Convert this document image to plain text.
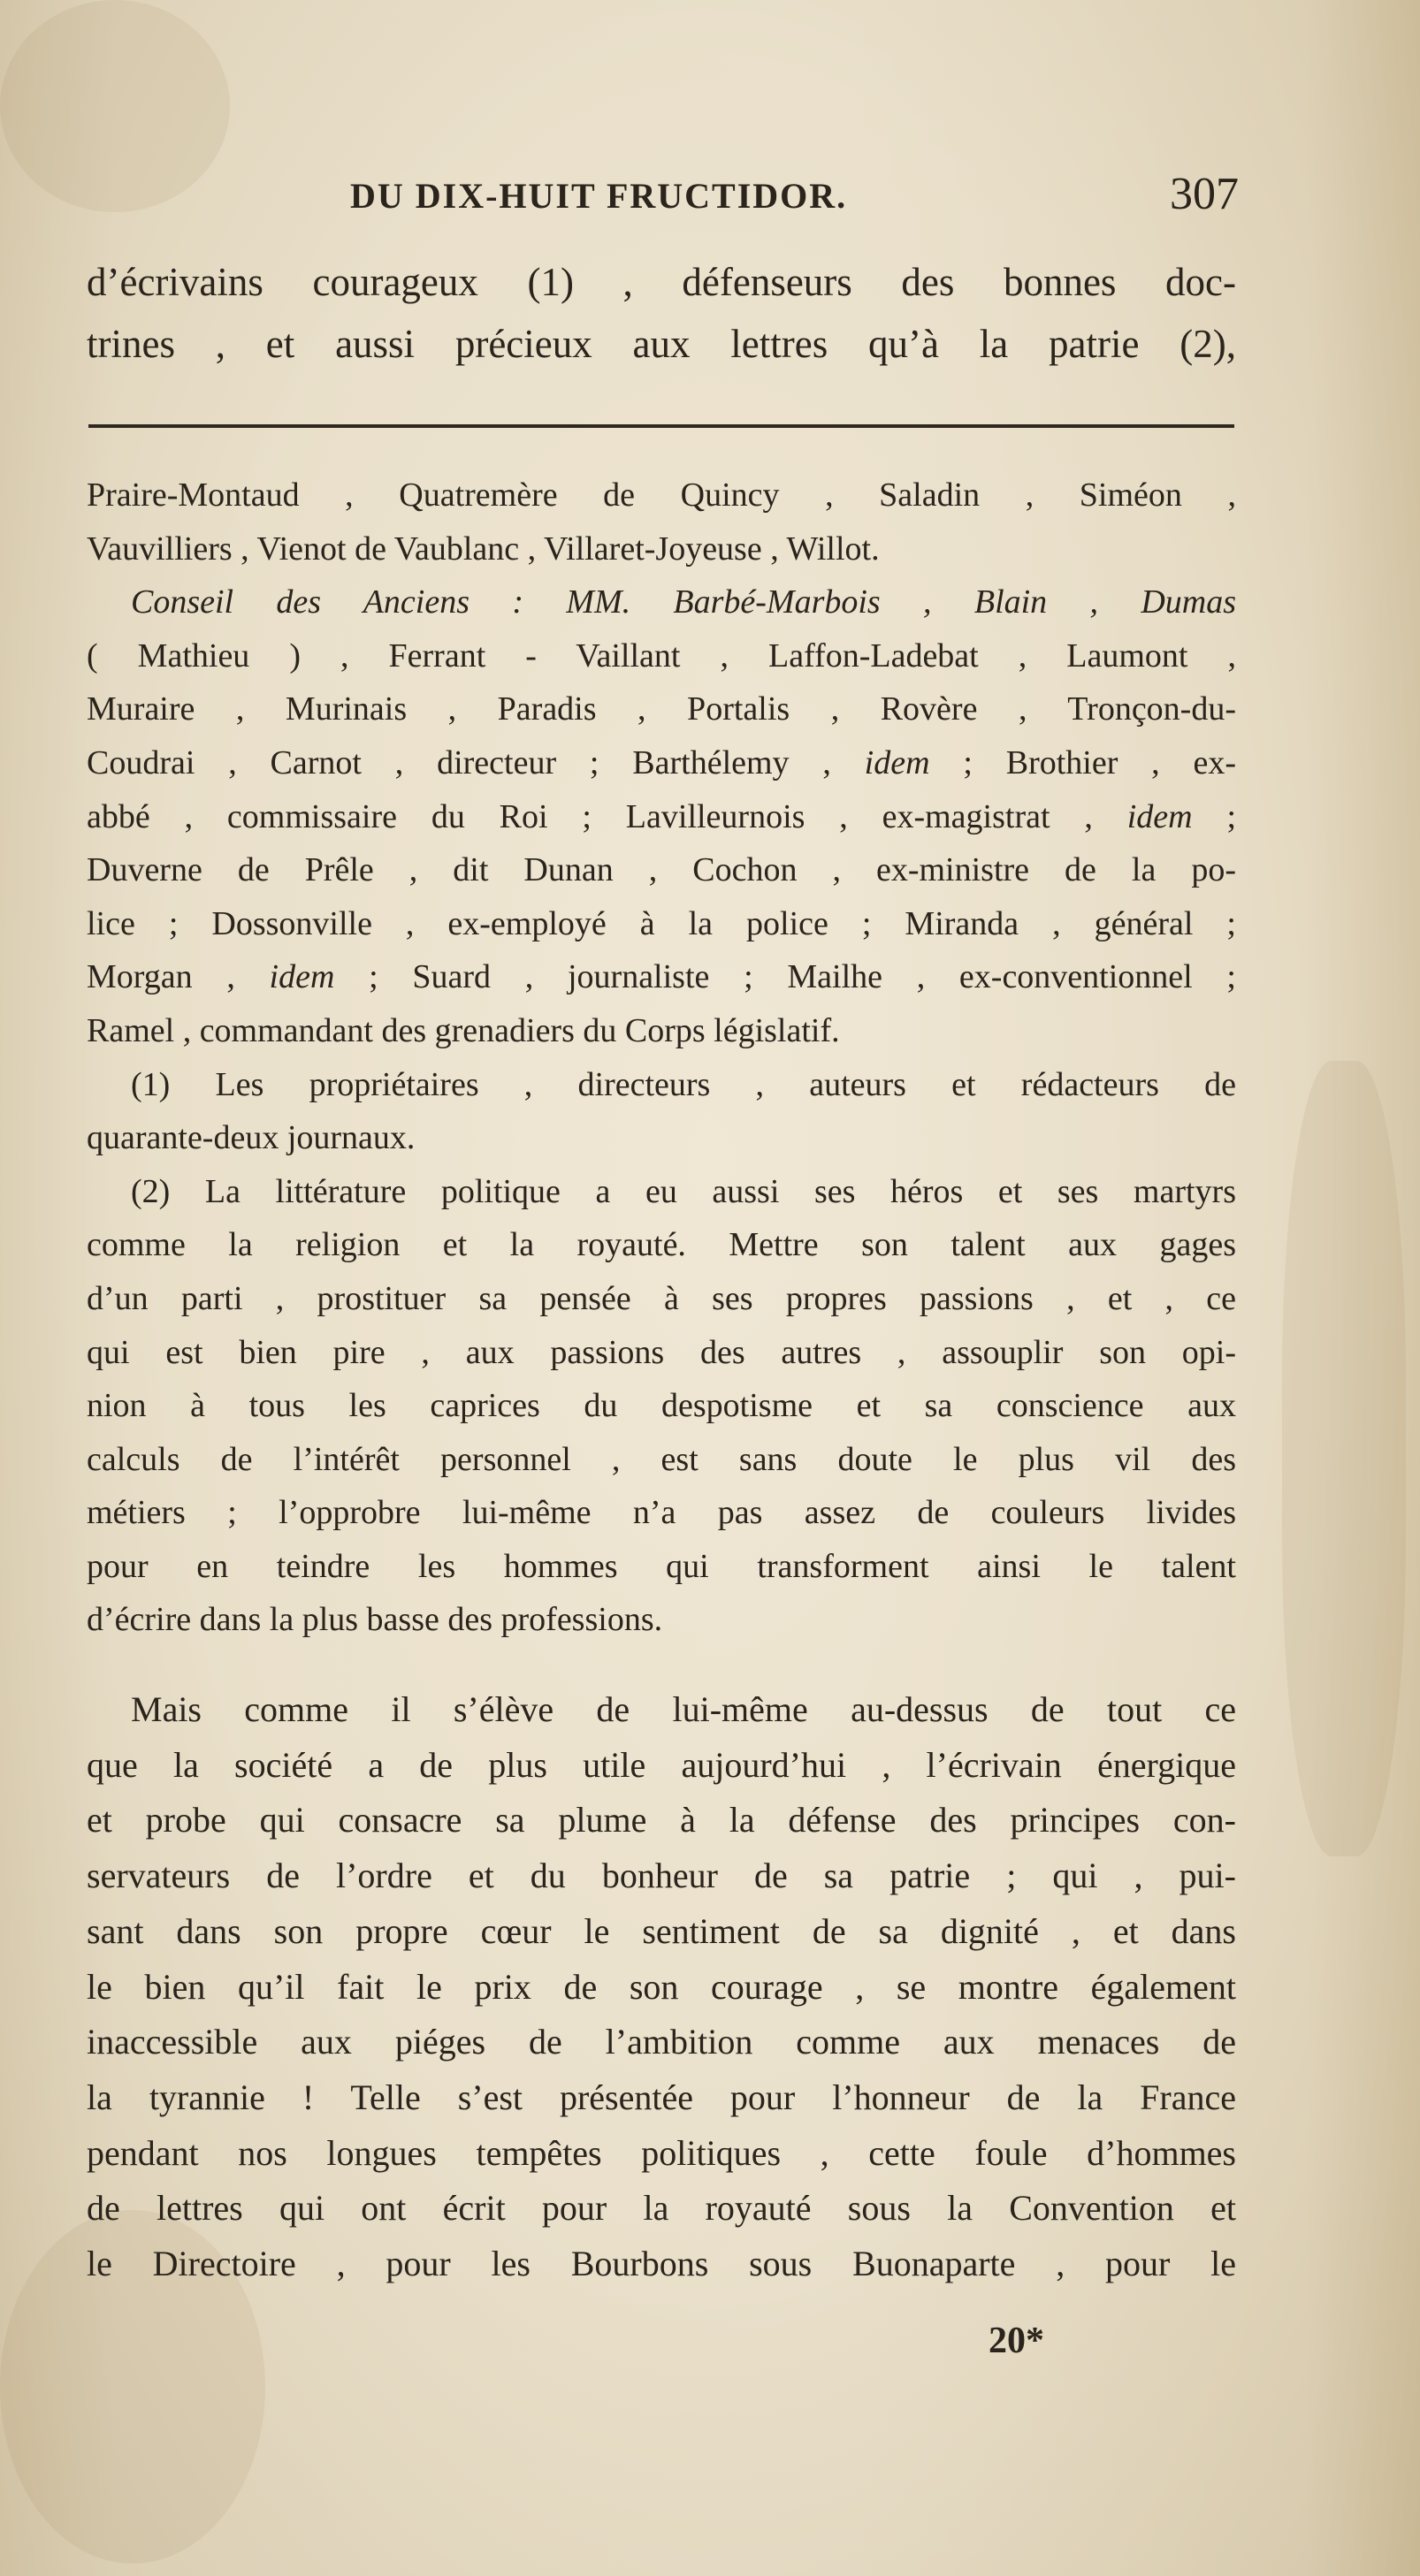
DU DIX-HUIT FRUCTIDOR.	307
d’écrivains courageux (1) , défenseurs des bonnes doc-
trines , et aussi précieux aux lettres qu’à la patrie (2),
Praire-Montaud , Quatremère de Quincy , Saladin , Siméon ,
Vauvilliers , Vienot de Vaublanc , Villaret-Joyeuse , Willot.
Conseil des Anciens : MM. Barbé-Marbois , Blain , Dumas
( Mathieu ) , Ferrant - Vaillant , Laffon-Ladebat , Laumont ,
Muraire , Murinais , Paradis , Portalis , Rovère , Tronçon-du-
Coudrai , Carnot , directeur ; Barthélemy , idem ; Brothier , ex-
abbé , commissaire du Roi ; Lavilleurnois , ex-magistrat , idem ;
Duverne de Prêle , dit Dunan , Cochon , ex-ministre de la po-
lice ; Dossonville , ex-employé à la police ; Miranda , général ;
Morgan , idem ; Suard , journaliste ; Mailhe , ex-conventionnel ;
Ramel , commandant des grenadiers du Corps législatif.
(1) Les propriétaires , directeurs , auteurs et rédacteurs de
quarante-deux journaux.
(2) La littérature politique a eu aussi ses héros et ses martyrs
comme la religion et la royauté. Mettre son talent aux gages
d’un parti , prostituer sa pensée à ses propres passions , et , ce
qui est bien pire , aux passions des autres , assouplir son opi-
nion à tous les caprices du despotisme et sa conscience aux
calculs de l’intérêt personnel , est sans doute le plus vil des
métiers ; l’opprobre lui-même n’a pas assez de couleurs livides
pour en teindre les hommes qui transforment ainsi le talent
d’écrire dans la plus basse des professions.
Mais comme il s’élève de lui-même au-dessus de tout ce
que la société a de plus utile aujourd’hui , l’écrivain énergique
et probe qui consacre sa plume à la défense des principes con-
servateurs de l’ordre et du bonheur de sa patrie ; qui , pui-
sant dans son propre cœur le sentiment de sa dignité , et dans
le bien qu’il fait le prix de son courage , se montre également
inaccessible aux piéges de l’ambition comme aux menaces de
la tyrannie ! Telle s’est présentée pour l’honneur de la France
pendant nos longues tempêtes politiques , cette foule d’hommes
de lettres qui ont écrit pour la royauté sous la Convention et
le Directoire , pour les Bourbons sous Buonaparte , pour le
20*
